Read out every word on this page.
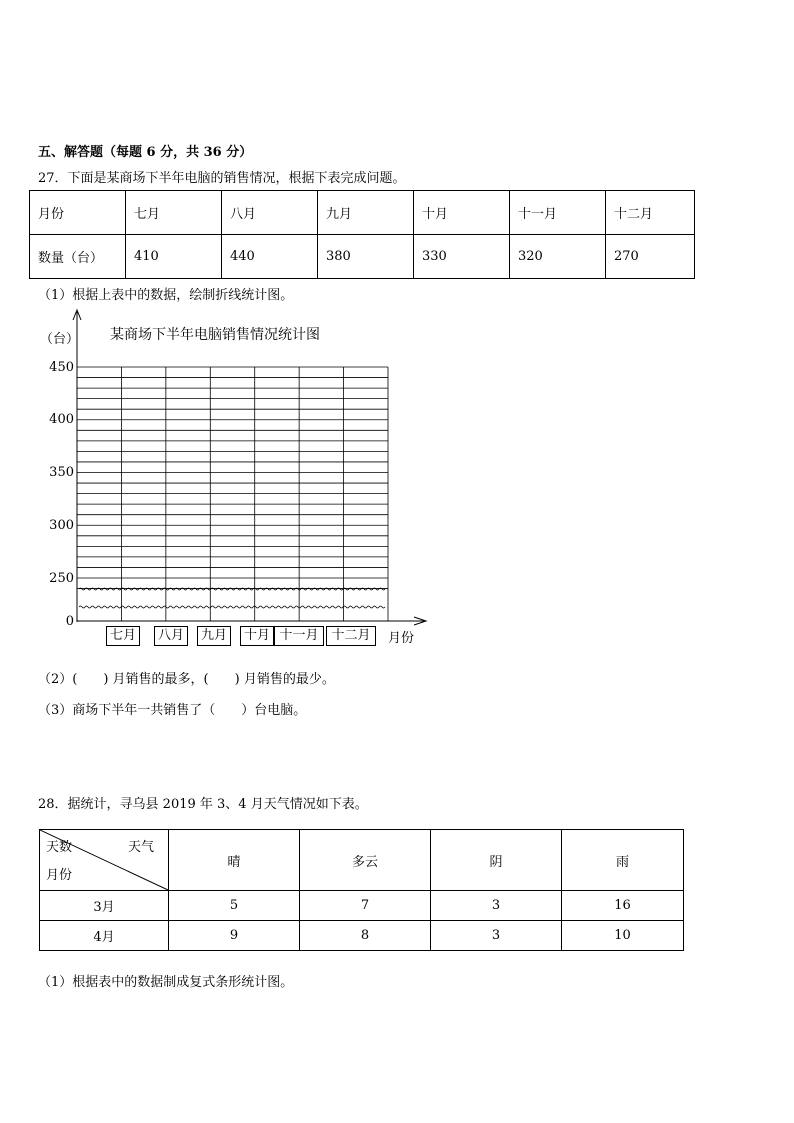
五、解答题（每题 6 分，共 36 分）
27．下面是某商场下半年电脑的销售情况，根据下表完成问题。
月份	七月	八月	九月	十月	十一月	十二月
数量（台）	410	440	380	330	320	270
（1）根据上表中的数据，绘制折线统计图。
（台） 某商场下半年电脑销售情况统计图
0
250
300
350
400
450
七月	八月	九月	十月 十一月 十二月	月份
（2）(　　) 月销售的最多，(　　) 月销售的最少。
（3）商场下半年一共销售了（　　）台电脑。
28．据统计，寻乌县 2019 年 3、4 月天气情况如下表。
天数 天气
月份	晴	多云	阴	雨
3月	5	7	3	16
4月	9	8	3	10
（1）根据表中的数据制成复式条形统计图。
